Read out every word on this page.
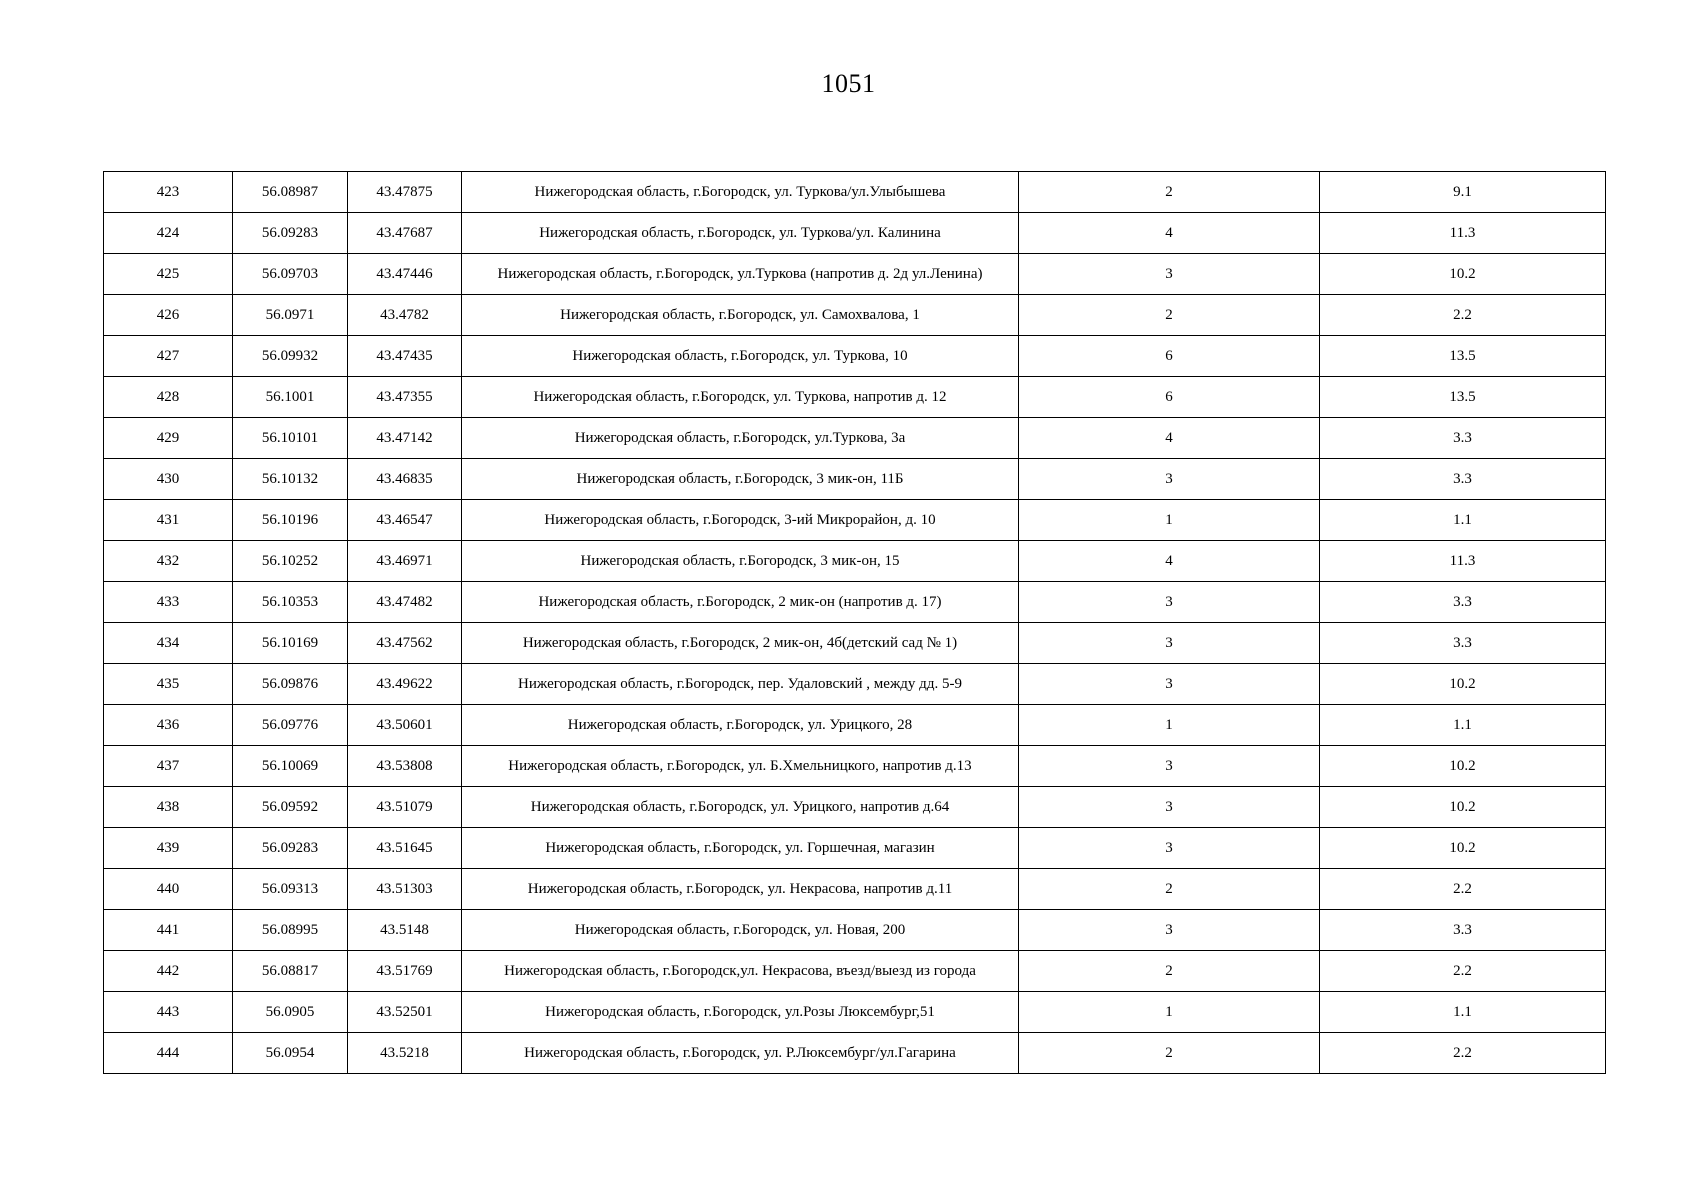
1051
423	56.08987	43.47875	Нижегородская область, г.Богородск, ул. Туркова/ул.Улыбышева	2	9.1
424	56.09283	43.47687	Нижегородская область, г.Богородск, ул. Туркова/ул. Калинина	4	11.3
425	56.09703	43.47446	Нижегородская область, г.Богородск, ул.Туркова (напротив д. 2д ул.Ленина)	3	10.2
426	56.0971	43.4782	Нижегородская область, г.Богородск, ул. Самохвалова, 1	2	2.2
427	56.09932	43.47435	Нижегородская область, г.Богородск, ул. Туркова, 10	6	13.5
428	56.1001	43.47355	Нижегородская область, г.Богородск, ул. Туркова, напротив д. 12	6	13.5
429	56.10101	43.47142	Нижегородская область, г.Богородск, ул.Туркова, 3а	4	3.3
430	56.10132	43.46835	Нижегородская область, г.Богородск, 3 мик-он, 11Б	3	3.3
431	56.10196	43.46547	Нижегородская область, г.Богородск, 3-ий Микрорайон, д. 10	1	1.1
432	56.10252	43.46971	Нижегородская область, г.Богородск, 3 мик-он, 15	4	11.3
433	56.10353	43.47482	Нижегородская область, г.Богородск, 2 мик-он (напротив д. 17)	3	3.3
434	56.10169	43.47562	Нижегородская область, г.Богородск, 2 мик-он, 4б(детский сад № 1)	3	3.3
435	56.09876	43.49622	Нижегородская область, г.Богородск, пер. Удаловский , между дд. 5-9	3	10.2
436	56.09776	43.50601	Нижегородская область, г.Богородск, ул. Урицкого, 28	1	1.1
437	56.10069	43.53808	Нижегородская область, г.Богородск, ул. Б.Хмельницкого, напротив д.13	3	10.2
438	56.09592	43.51079	Нижегородская область, г.Богородск, ул. Урицкого, напротив д.64	3	10.2
439	56.09283	43.51645	Нижегородская область, г.Богородск, ул. Горшечная, магазин	3	10.2
440	56.09313	43.51303	Нижегородская область, г.Богородск, ул. Некрасова, напротив д.11	2	2.2
441	56.08995	43.5148	Нижегородская область, г.Богородск, ул. Новая, 200	3	3.3
442	56.08817	43.51769	Нижегородская область, г.Богородск,ул. Некрасова, въезд/выезд из города	2	2.2
443	56.0905	43.52501	Нижегородская область, г.Богородск, ул.Розы Люксембург,51	1	1.1
444	56.0954	43.5218	Нижегородская область, г.Богородск, ул. Р.Люксембург/ул.Гагарина	2	2.2
